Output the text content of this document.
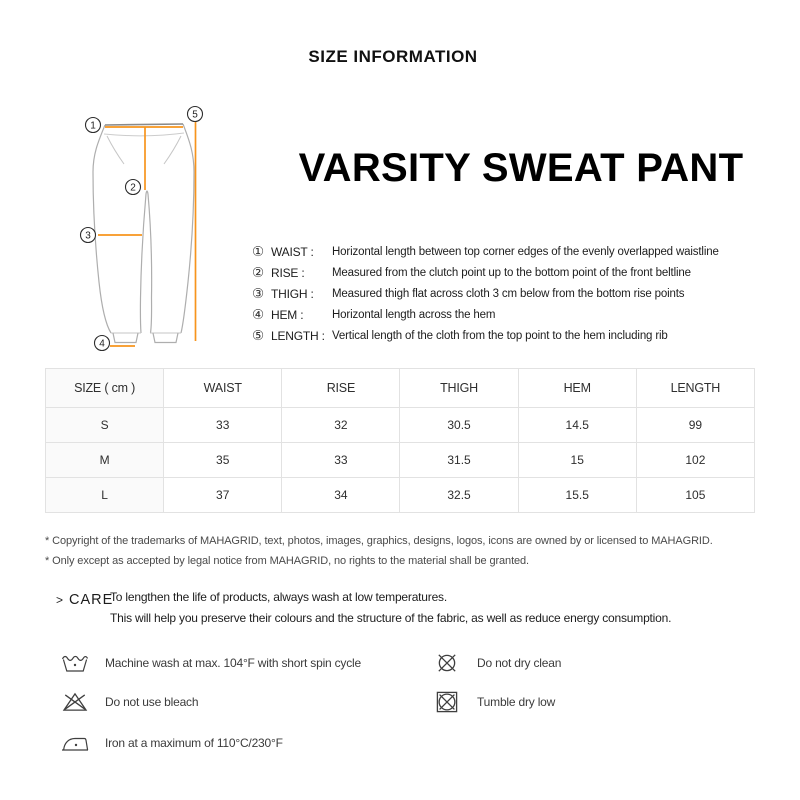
SIZE INFORMATION
1
2
3
4
5
VARSITY SWEAT PANT
① WAIST :	Horizontal length between top corner edges of the evenly overlapped waistline
② RISE :	Measured from the clutch point up to the bottom point of the front beltline
③ THIGH :	Measured thigh flat across cloth 3 cm below from the bottom rise points
④ HEM :	Horizontal length across the hem
⑤ LENGTH : Vertical length of the cloth from the top point to the hem including rib
SIZE ( cm )	WAIST	RISE	THIGH	HEM	LENGTH
S	33	32	30.5	14.5	99
M	35	33	31.5	15	102
L	37	34	32.5	15.5	105
* Copyright of the trademarks of MAHAGRID, text, photos, images, graphics, designs, logos, icons are owned by or licensed to MAHAGRID.
* Only except as accepted by legal notice from MAHAGRID, no rights to the material shall be granted.
> CARE
To lengthen the life of products, always wash at low temperatures.
This will help you preserve their colours and the structure of the fabric, as well as reduce energy consumption.
Machine wash at max. 104°F with short spin cycle
Do not use bleach
Iron at a maximum of 110°C/230°F
Do not dry clean
Tumble dry low
